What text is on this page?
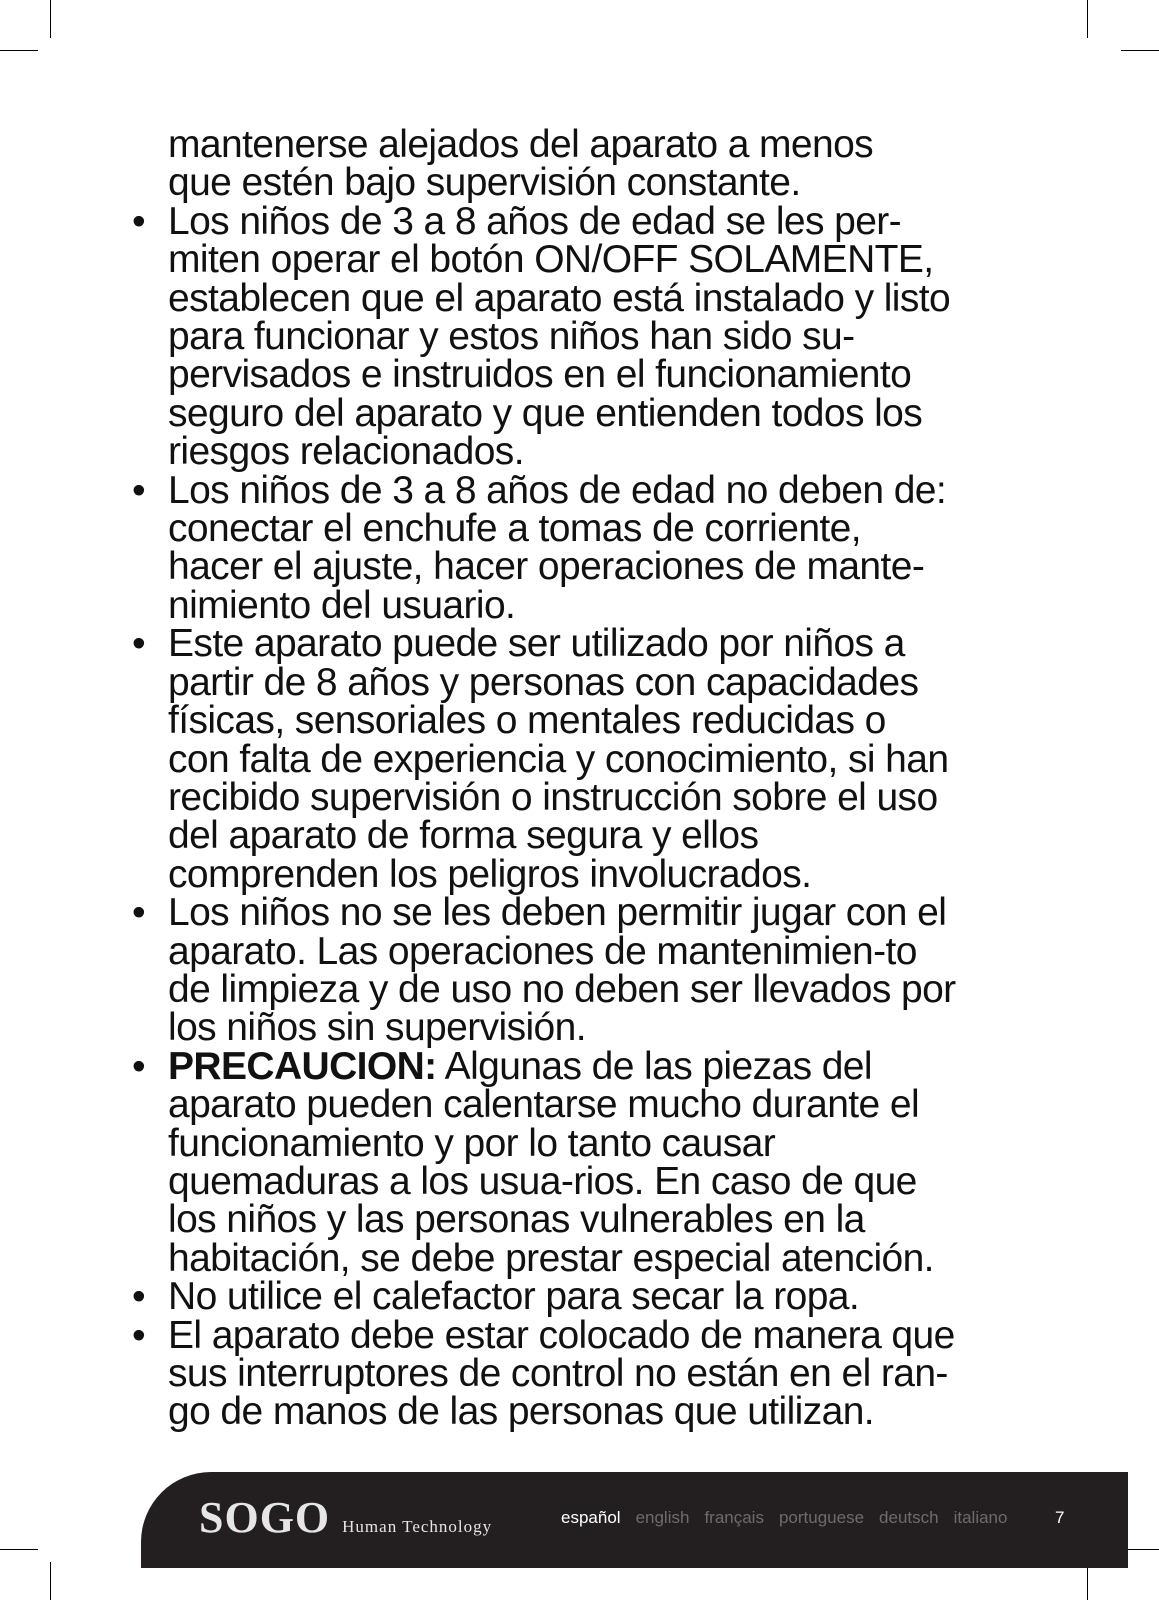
mantenerse alejados del aparato a menos
que estén bajo supervisión constante.
• Los niños de 3 a 8 años de edad se les per-
miten operar el botón ON/OFF SOLAMENTE,
establecen que el aparato está instalado y listo
para funcionar y estos niños han sido su-
pervisados e instruidos en el funcionamiento
seguro del aparato y que entienden todos los
riesgos relacionados.
• Los niños de 3 a 8 años de edad no deben de:
conectar el enchufe a tomas de corriente,
hacer el ajuste, hacer operaciones de mante-
nimiento del usuario.
• Este aparato puede ser utilizado por niños a
partir de 8 años y personas con capacidades
físicas, sensoriales o mentales reducidas o
con falta de experiencia y conocimiento, si han
recibido supervisión o instrucción sobre el uso
del aparato de forma segura y ellos
comprenden los peligros involucrados.
• Los niños no se les deben permitir jugar con el
aparato. Las operaciones de mantenimien-to
de limpieza y de uso no deben ser llevados por
los niños sin supervisión.
• PRECAUCION: Algunas de las piezas del
aparato pueden calentarse mucho durante el
funcionamiento y por lo tanto causar
quemaduras a los usua-rios. En caso de que
los niños y las personas vulnerables en la
habitación, se debe prestar especial atención.
• No utilice el calefactor para secar la ropa.
• El aparato debe estar colocado de manera que
sus interruptores de control no están en el ran-
go de manos de las personas que utilizan.
SOGO Human Technology	español english français portuguese deutsch italiano	7
